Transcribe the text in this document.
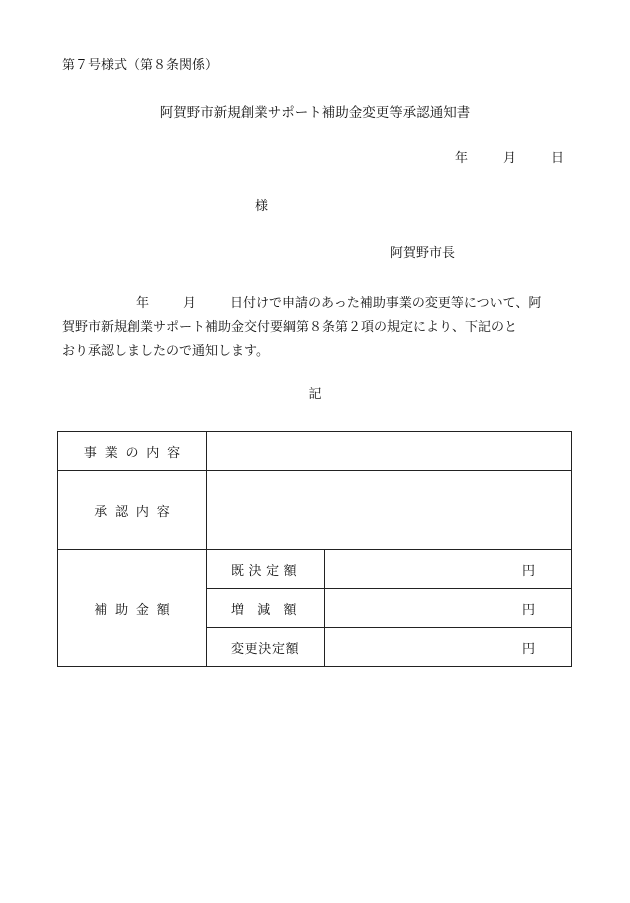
第７号様式（第８条関係）
阿賀野市新規創業サポート補助金変更等承認通知書
年	月	日
様
阿賀野市長
年	月	日付けで申請のあった補助事業の変更等について、阿
賀野市新規創業サポート補助金交付要綱第８条第２項の規定により、下記のと
おり承認しましたので通知します。
記
事業の内容		
承認内容		
補助金額	既決定額	円
	増 減 額	円
	変更決定額	円
